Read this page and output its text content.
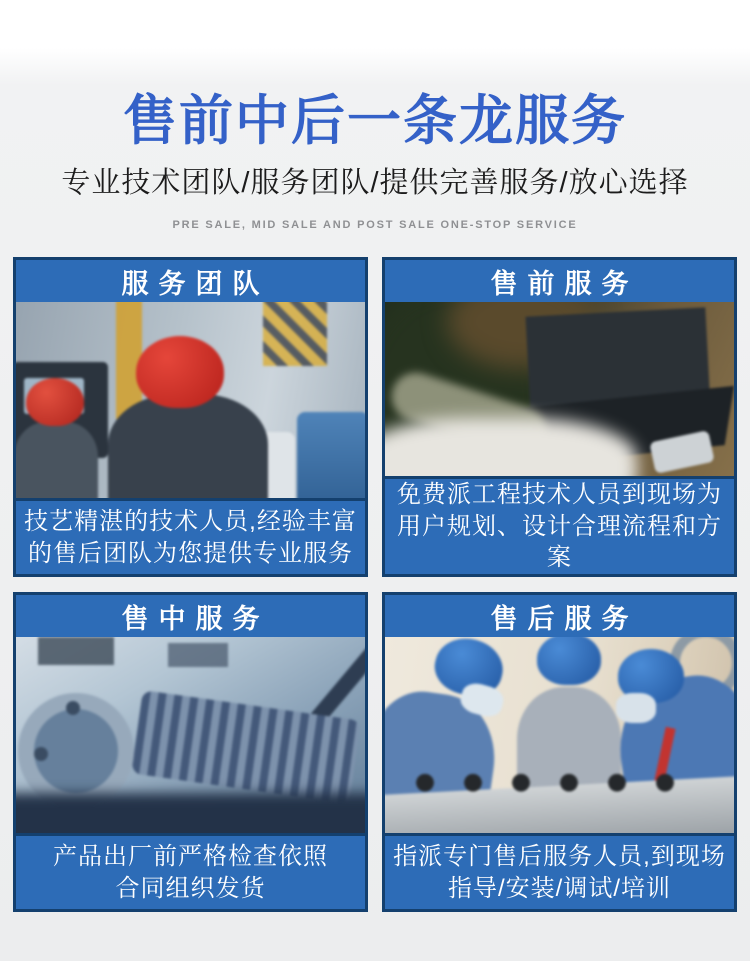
售前中后一条龙服务
专业技术团队/服务团队/提供完善服务/放心选择
PRE SALE, MID SALE AND POST SALE ONE-STOP SERVICE
服务团队
技艺精湛的技术人员,经验丰富
的售后团队为您提供专业服务
售前服务
免费派工程技术人员到现场为
用户规划、设计合理流程和方案
售中服务
产品出厂前严格检查依照
合同组织发货
售后服务
指派专门售后服务人员,到现场
指导/安装/调试/培训
